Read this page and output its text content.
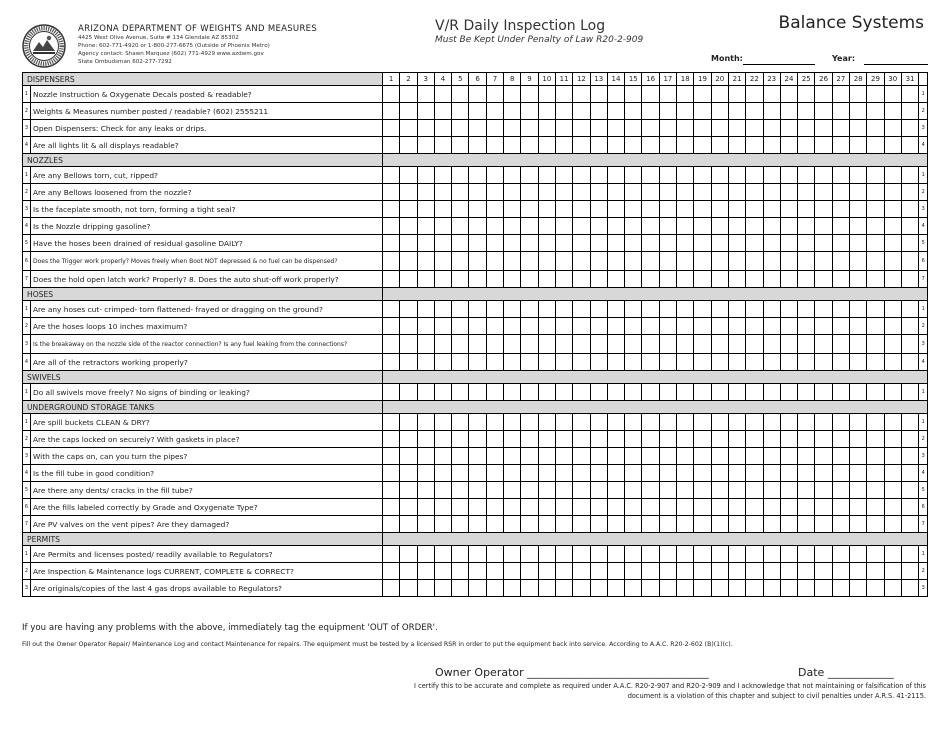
ARIZONA DEPARTMENT OF WEIGHTS AND MEASURES
4425 West Olive Avenue, Suite # 134 Glendale AZ 85302
Phone: 602-771-4920 or 1-800-277-6675 (Outside of Phoenix Metro)
Agency contact: Shawn Marquez (602) 771-4929 www.azdwm.gov
State Ombudsman 602-277-7292
V/R Daily Inspection Log
Must Be Kept Under Penalty of Law R20-2-909
Balance Systems
Month:	Year:
DISPENSERS		1	2	3	4	5	6	7	8	9	10	11	12	13	14	15	16	17	18	19	20	21	22	23	24	25	26	27	28	29	30	31	
1	Nozzle Instruction & Oxygenate Decals posted & readable?																																1
2	Weights & Measures number posted / readable? (602) 2555211																																2
3	Open Dispensers: Check for any leaks or drips.																																3
4	Are all lights lit & all displays readable?																																4
NOZZLES																																	
1	Are any Bellows torn, cut, ripped?																																1
2	Are any Bellows loosened from the nozzle?																																2
3	Is the faceplate smooth, not torn, forming a tight seal?																																3
4	Is the Nozzle dripping gasoline?																																4
5	Have the hoses been drained of residual gasoline DAILY?																																5
6	Does the Trigger work properly? Moves freely when Boot NOT depressed & no fuel can be dispensed?																																6
7	Does the hold open latch work? Properly? 8. Does the auto shut-off work properly?																																7
HOSES																																	
1	Are any hoses cut- crimped- torn flattened- frayed or dragging on the ground?																																1
2	Are the hoses loops 10 inches maximum?																																2
3	Is the breakaway on the nozzle side of the reactor connection? Is any fuel leaking from the connections?																																3
4	Are all of the retractors working properly?																																4
SWIVELS																																	
1	Do all swivels move freely? No signs of binding or leaking?																																1
UNDERGROUND STORAGE TANKS																																	
1	Are spill buckets CLEAN & DRY?																																1
2	Are the caps locked on securely? With gaskets in place?																																2
3	With the caps on, can you turn the pipes?																																3
4	Is the fill tube in good condition?																																4
5	Are there any dents/ cracks in the fill tube?																																5
6	Are the fills labeled correctly by Grade and Oxygenate Type?																																6
7	Are PV valves on the vent pipes? Are they damaged?																																7
PERMITS																																	
1	Are Permits and licenses posted/ readily available to Regulators?																																1
2	Are Inspection & Maintenance logs CURRENT, COMPLETE & CORRECT?																																2
3	Are originals/copies of the last 4 gas drops available to Regulators?																																3
If you are having any problems with the above, immediately tag the equipment 'OUT of ORDER'.
Fill out the Owner Operator Repair/ Maintenance Log and contact Maintenance for repairs. The equipment must be tested by a licensed RSR in order to put the equipment back into service. According to A.A.C. R20-2-602 (B)(1)(c).
Owner Operator _________________________________	Date ____________
I certify this to be accurate and complete as required under A.A.C. R20-2-907 and R20-2-909 and I acknowledge that not maintaining or falsification of this document is a violation of this chapter and subject to civil penalties under A.R.S. 41-2115.
